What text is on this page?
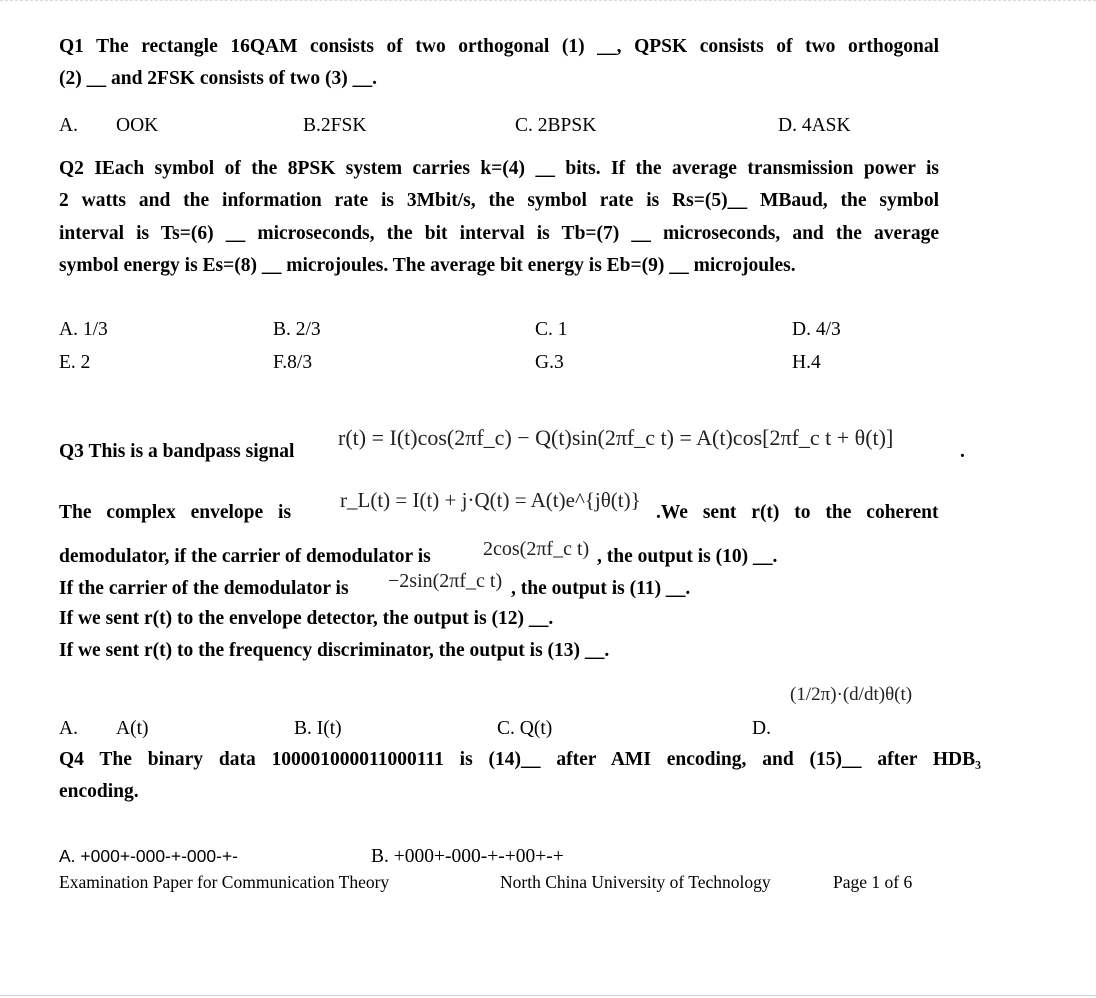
Q1 The rectangle 16QAM consists of two orthogonal (1) __, QPSK consists of two orthogonal
(2) __ and 2FSK consists of two (3) __.
A. OOK	B.2FSK	C. 2BPSK	D. 4ASK
Q2 IEach symbol of the 8PSK system carries k=(4) __ bits. If the average transmission power is
2 watts and the information rate is 3Mbit/s, the symbol rate is Rs=(5)__ MBaud, the symbol
interval is Ts=(6) __ microseconds, the bit interval is Tb=(7) __ microseconds, and the average
symbol energy is Es=(8) __ microjoules. The average bit energy is Eb=(9) __ microjoules.
A. 1/3	B. 2/3	C. 1	D. 4/3
E. 2	F.8/3	G.3	H.4
Q3 This is a bandpass signal
r(t) = I(t)cos(2πf_c) − Q(t)sin(2πf_c t) = A(t)cos[2πf_c t + θ(t)]
.
The complex envelope is
r_L(t) = I(t) + j·Q(t) = A(t)e^{jθ(t)}
.We sent r(t) to the coherent
demodulator, if the carrier of demodulator is	2cos(2πf_c t) , the output is (10) __.
If the carrier of the demodulator is −2sin(2πf_c t) , the output is (11) __.
If we sent r(t) to the envelope detector, the output is (12) __.
If we sent r(t) to the frequency discriminator, the output is (13) __.
A. A(t)	B. I(t)	C. Q(t)	D.
(1/2π)·(d/dt)θ(t)
Q4 The binary data 100001000011000111 is (14)__ after AMI encoding, and (15)__ after HDB₃
encoding.
A. +000+-000-+-000-+-	B. +000+-000-+-+00+-+
Examination Paper for Communication Theory	North China University of Technology	Page 1 of 6
